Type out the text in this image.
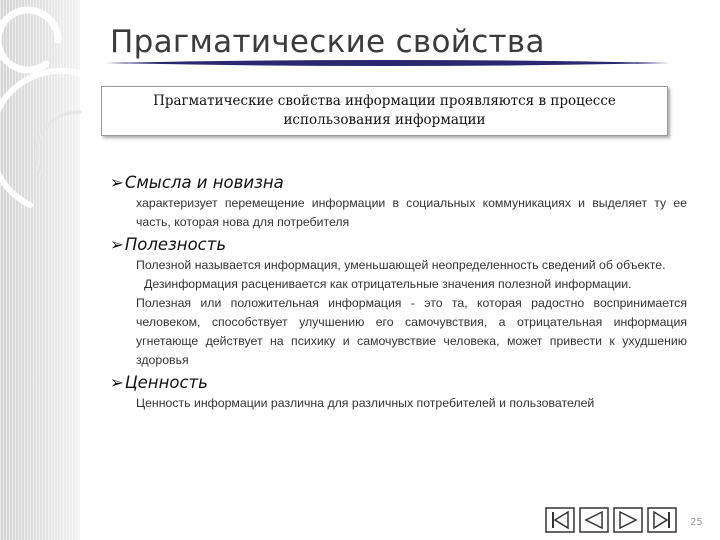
Прагматические свойства
Прагматические свойства информации проявляются в процессе
использования информации
➢Смысла и новизна
характеризует перемещение информации в социальных коммуникациях и выделяет ту ее часть, которая нова для потребителя
➢Полезность
Полезной называется информация, уменьшающей неопределенность сведений об объекте.
Дезинформация расценивается как отрицательные значения полезной информации.
Полезная или положительная информация - это та, которая радостно воспринимается человеком, способствует улучшению его самочувствия, а отрицательная информация угнетающе действует на психику и самочувствие человека, может привести к ухудшению здоровья
➢Ценность
Ценность информации различна для различных потребителей и пользователей
25
